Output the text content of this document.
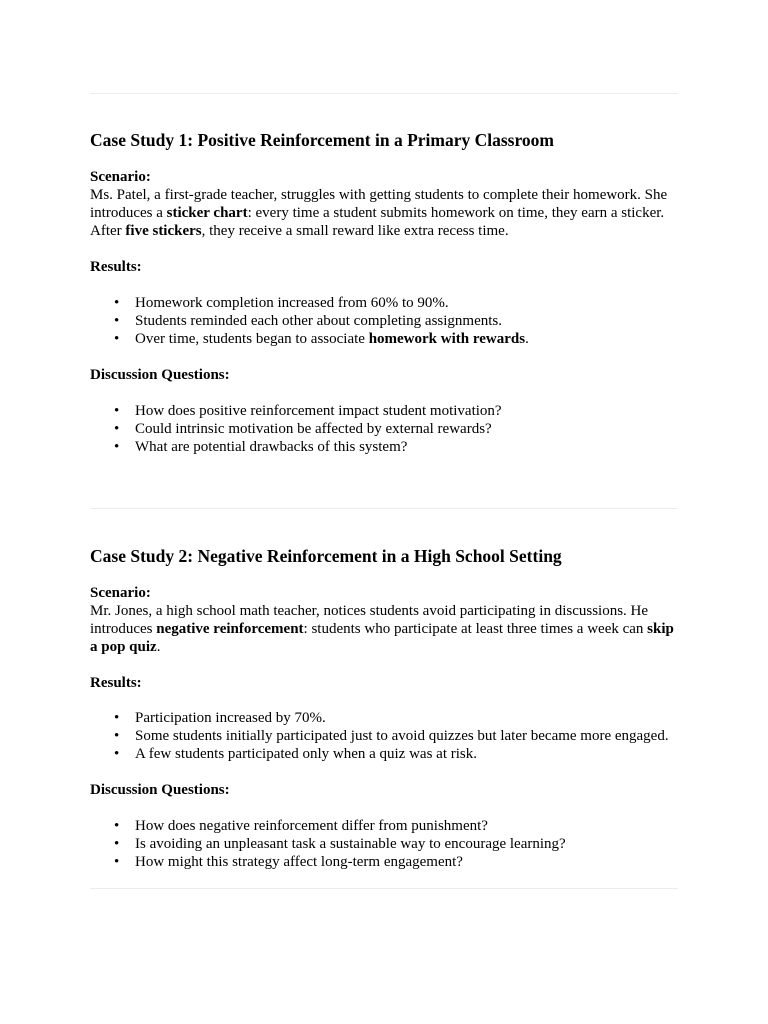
Case Study 1: Positive Reinforcement in a Primary Classroom
Scenario:

Ms. Patel, a first-grade teacher, struggles with getting students to complete their homework. She introduces a sticker chart: every time a student submits homework on time, they earn a sticker. After five stickers, they receive a small reward like extra recess time.

Results:
• Homework completion increased from 60% to 90%.
• Students reminded each other about completing assignments.
• Over time, students began to associate homework with rewards.
Discussion Questions:
• How does positive reinforcement impact student motivation?
• Could intrinsic motivation be affected by external rewards?
• What are potential drawbacks of this system?
Case Study 2: Negative Reinforcement in a High School Setting
Scenario:

Mr. Jones, a high school math teacher, notices students avoid participating in discussions. He introduces negative reinforcement: students who participate at least three times a week can skip a pop quiz.

Results:
• Participation increased by 70%.
• Some students initially participated just to avoid quizzes but later became more engaged.
• A few students participated only when a quiz was at risk.
Discussion Questions:
• How does negative reinforcement differ from punishment?
• Is avoiding an unpleasant task a sustainable way to encourage learning?
• How might this strategy affect long-term engagement?
